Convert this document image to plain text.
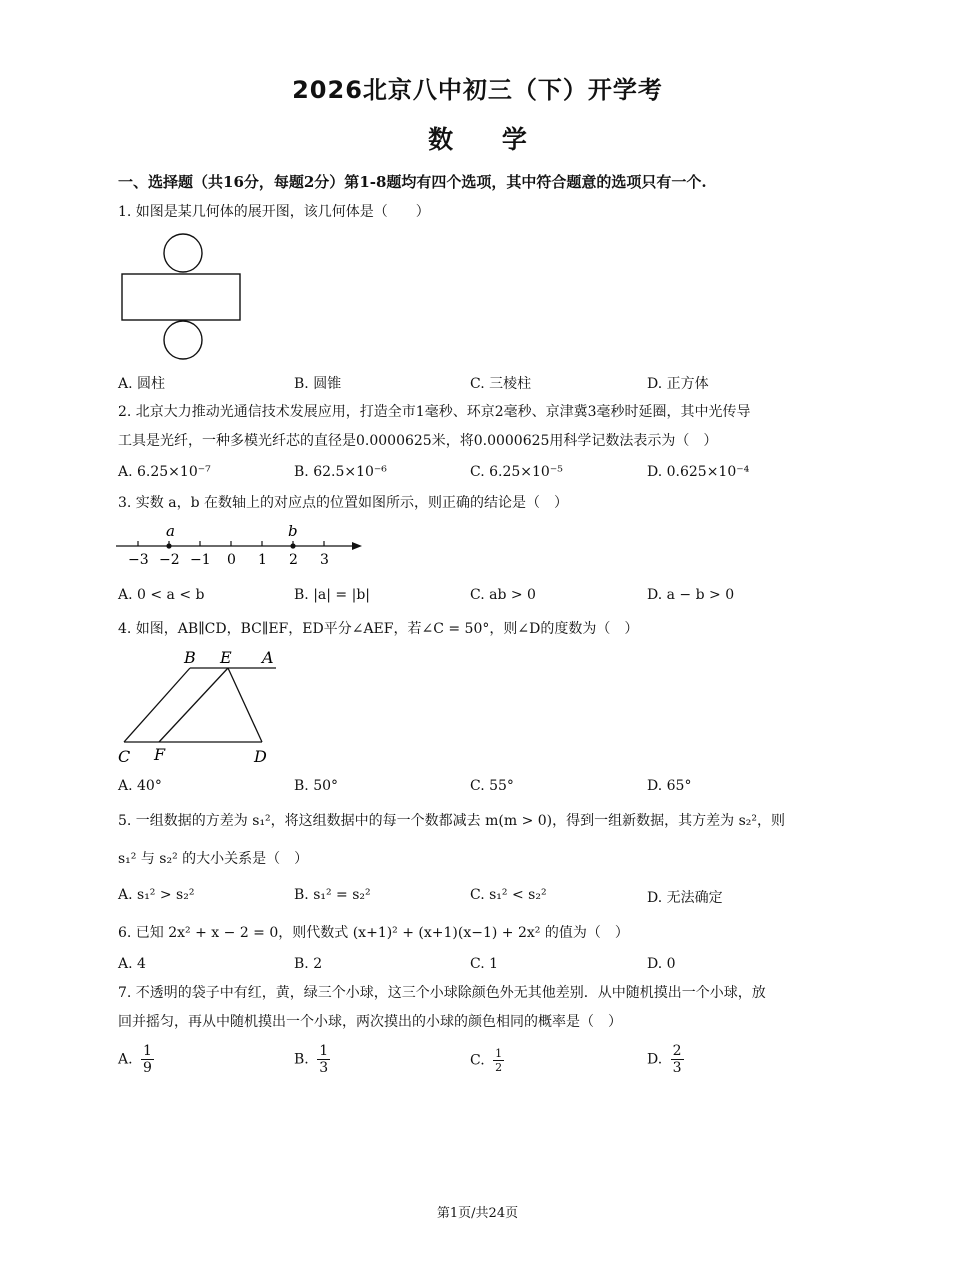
2026北京八中初三（下）开学考
数 学
一、选择题（共16分，每题2分）第1-8题均有四个选项，其中符合题意的选项只有一个.
1. 如图是某几何体的展开图，该几何体是（　　）
A. 圆柱	B. 圆锥	C. 三棱柱	D. 正方体
2. 北京大力推动光通信技术发展应用，打造全市1毫秒、环京2毫秒、京津冀3毫秒时延圈，其中光传导
工具是光纤，一种多模光纤芯的直径是0.0000625米，将0.0000625用科学记数法表示为（　）
A. 6.25×10⁻⁷	B. 62.5×10⁻⁶	C. 6.25×10⁻⁵	D. 0.625×10⁻⁴
3. 实数 a，b 在数轴上的对应点的位置如图所示，则正确的结论是（　）
a	b
−3 −2 −1 0 1 2 3
A. 0 < a < b	B. |a| = |b|	C. ab > 0	D. a − b > 0
4. 如图，AB∥CD，BC∥EF，ED平分∠AEF，若∠C = 50°，则∠D的度数为（　）
B E A
C F	D
A. 40°	B. 50°	C. 55°	D. 65°
5. 一组数据的方差为 s₁²，将这组数据中的每一个数都减去 m(m > 0)，得到一组新数据，其方差为 s₂²，则
s₁² 与 s₂² 的大小关系是（　）
A. s₁² > s₂²	B. s₁² = s₂²	C. s₁² < s₂²	D. 无法确定
6. 已知 2x² + x − 2 = 0，则代数式 (x+1)² + (x+1)(x−1) + 2x² 的值为（　）
A. 4	B. 2	C. 1	D. 0
7. 不透明的袋子中有红，黄，绿三个小球，这三个小球除颜色外无其他差别．从中随机摸出一个小球，放
回并摇匀，再从中随机摸出一个小球，两次摸出的小球的颜色相同的概率是（　）
A. $\frac{1}{9}$	B. $\frac{1}{3}$	C. $\frac{1}{2}$	D. $\frac{2}{3}$
第1页/共24页
